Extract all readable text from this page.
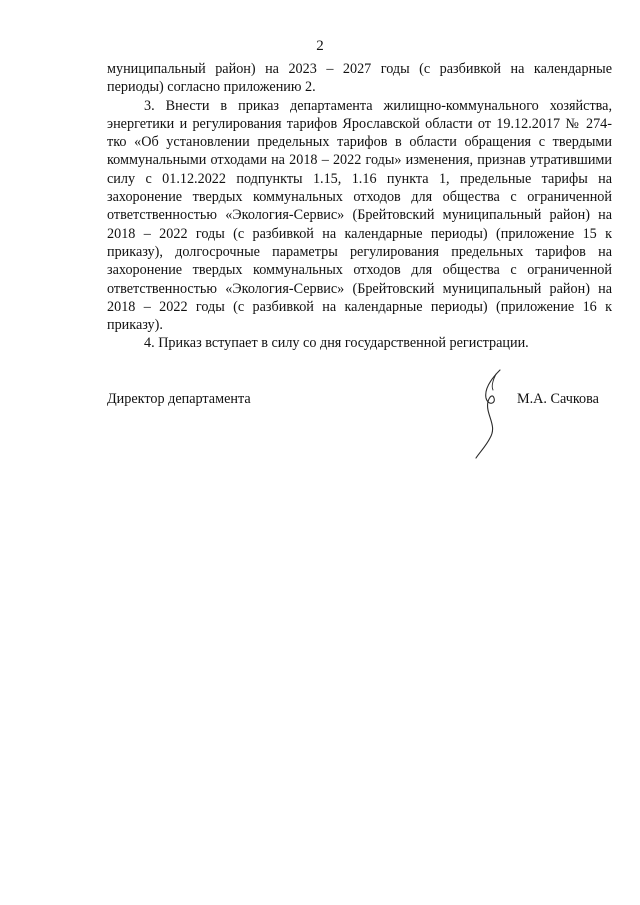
2

муниципальный район) на 2023 – 2027 годы (с разбивкой на календарные периоды) согласно приложению 2.

3. Внести в приказ департамента жилищно-коммунального хозяйства, энергетики и регулирования тарифов Ярославской области от 19.12.2017 № 274-тко «Об установлении предельных тарифов в области обращения с твердыми коммунальными отходами на 2018 – 2022 годы» изменения, признав утратившими силу с 01.12.2022 подпункты 1.15, 1.16 пункта 1, предельные тарифы на захоронение твердых коммунальных отходов для общества с ограниченной ответственностью «Экология-Сервис» (Брейтовский муниципальный район) на 2018 – 2022 годы (с разбивкой на календарные периоды) (приложение 15 к приказу), долгосрочные параметры регулирования предельных тарифов на захоронение твердых коммунальных отходов для общества с ограниченной ответственностью «Экология-Сервис» (Брейтовский муниципальный район) на 2018 – 2022 годы (с разбивкой на календарные периоды) (приложение 16 к приказу).

4. Приказ вступает в силу со дня государственной регистрации.

Директор департамента	М.А. Сачкова
